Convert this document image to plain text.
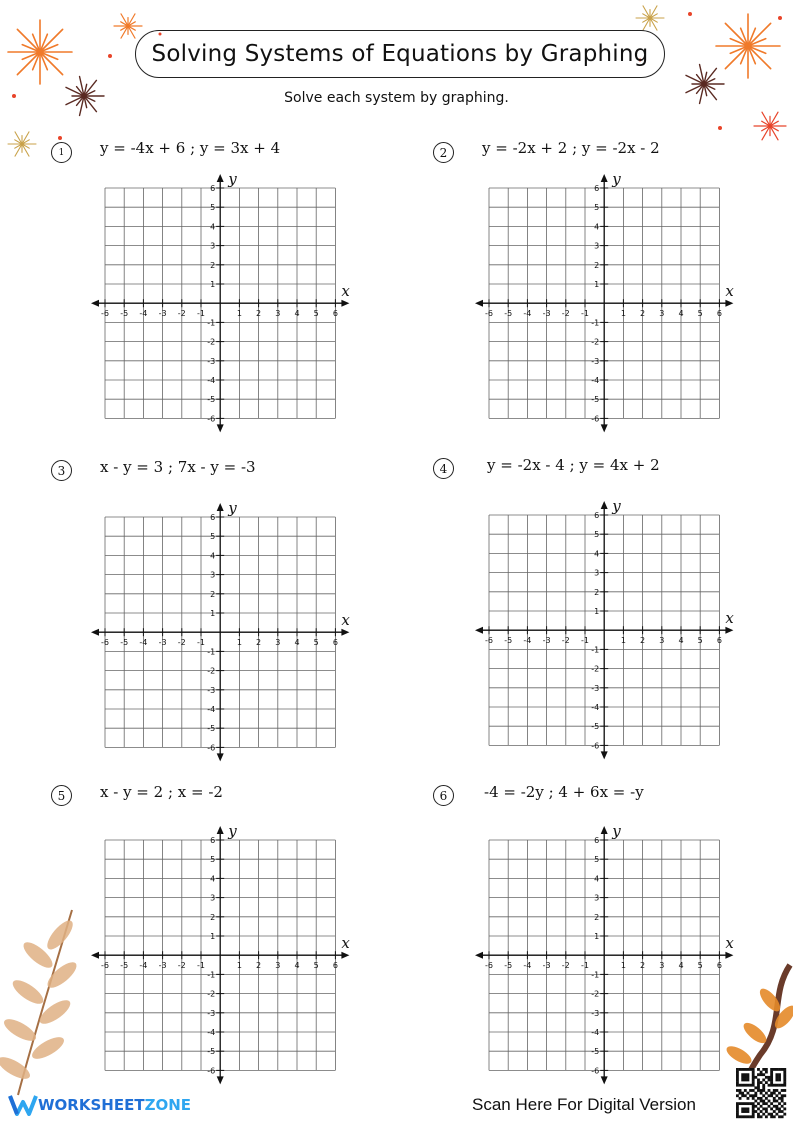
Solving Systems of Equations by Graphing
Solve each system by graphing.
1	y = -4x + 6 ; y = 3x + 4
-6
-6
-5
-5
-4
-4
-3
-3
-2
-2
-1
-1
1
1
2
2
3
3
4
4
5
5
6
6
x
y
2	y = -2x + 2 ; y = -2x - 2
-6
-6
-5
-5
-4
-4
-3
-3
-2
-2
-1
-1
1
1
2
2
3
3
4
4
5
5
6
6
x
y
3	x - y = 3 ; 7x - y = -3
-6
-6
-5
-5
-4
-4
-3
-3
-2
-2
-1
-1
1
1
2
2
3
3
4
4
5
5
6
6
x
y
4	y = -2x - 4 ; y = 4x + 2
-6
-6
-5
-5
-4
-4
-3
-3
-2
-2
-1
-1
1
1
2
2
3
3
4
4
5
5
6
6
x
y
5	x - y = 2 ; x = -2
-6
-6
-5
-5
-4
-4
-3
-3
-2
-2
-1
-1
1
1
2
2
3
3
4
4
5
5
6
6
x
y
6	-4 = -2y ; 4 + 6x = -y
-6
-6
-5
-5
-4
-4
-3
-3
-2
-2
-1
-1
1
1
2
2
3
3
4
4
5
5
6
6
x
y
WORKSHEET ZONE	Scan Here For Digital Version
